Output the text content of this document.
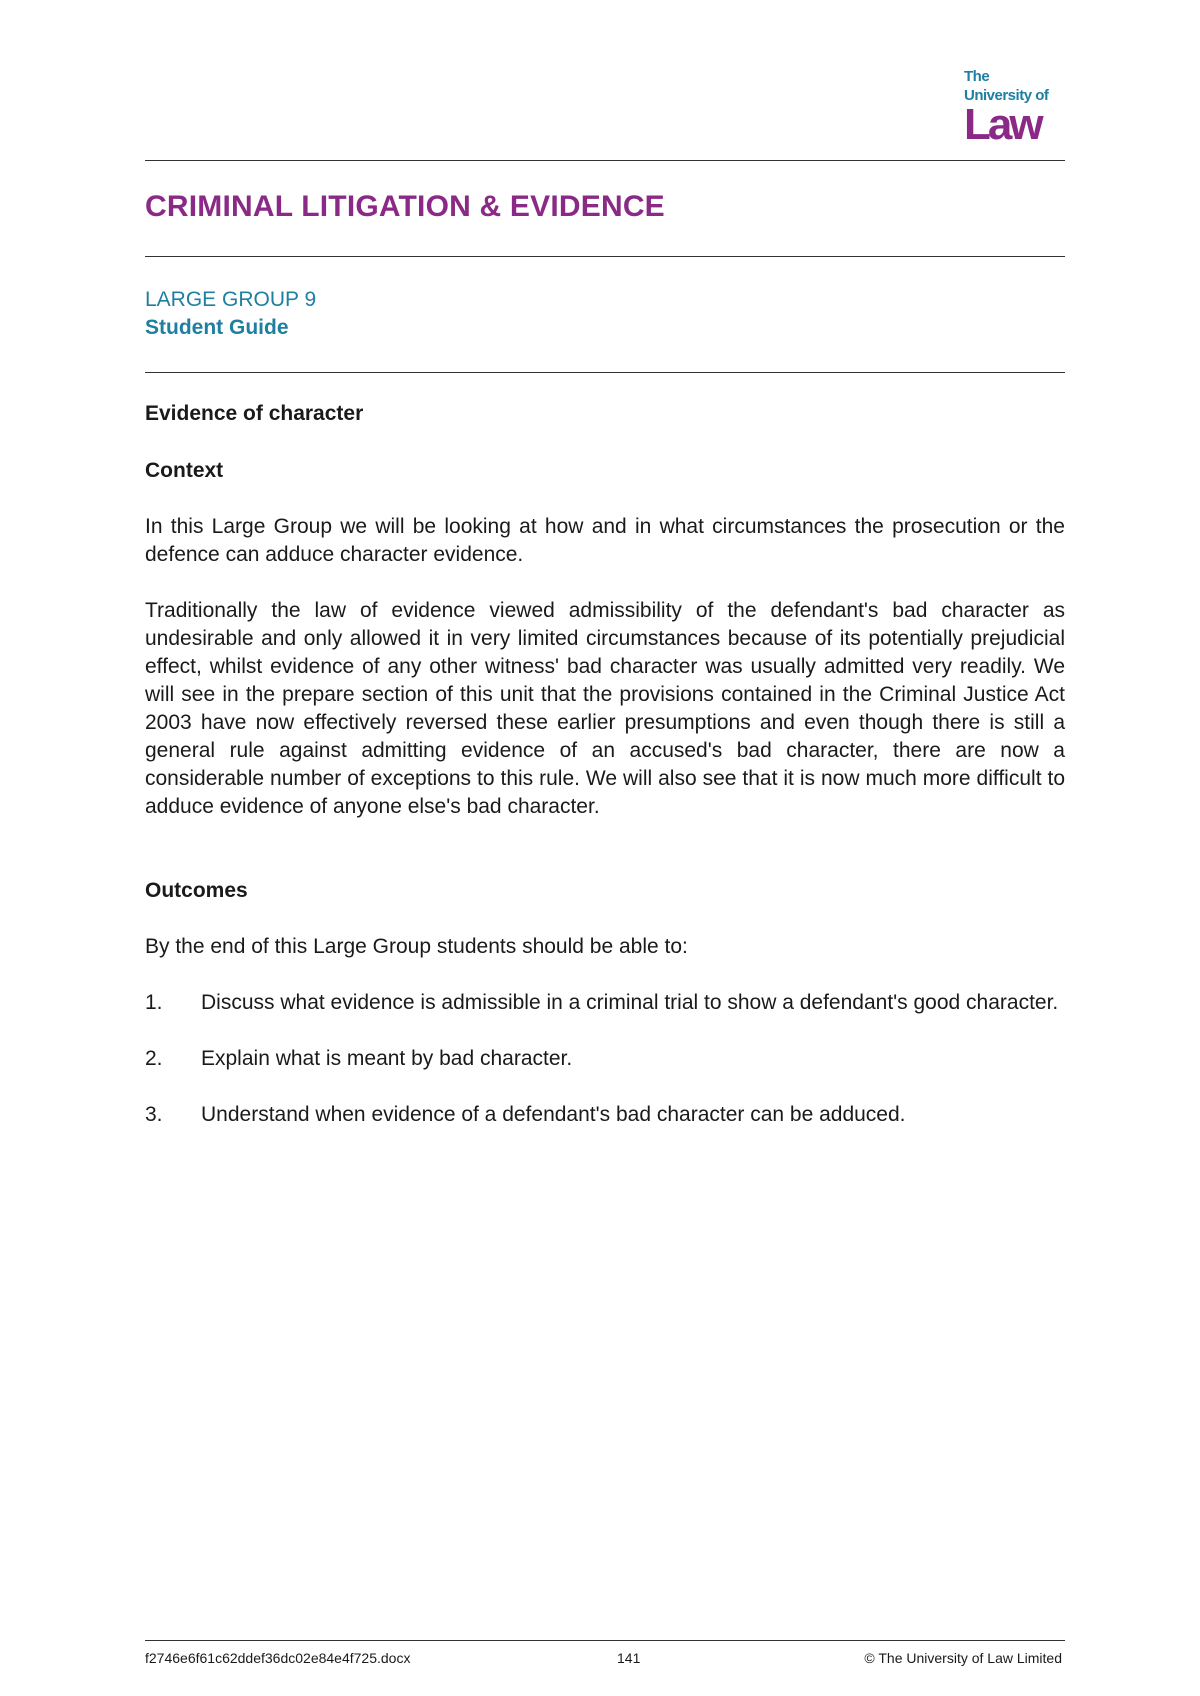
The
University of
Law
CRIMINAL LITIGATION & EVIDENCE
LARGE GROUP 9
Student Guide
Evidence of character
Context

In this Large Group we will be looking at how and in what circumstances the prosecution or the defence can adduce character evidence.

Traditionally the law of evidence viewed admissibility of the defendant's bad character as undesirable and only allowed it in very limited circumstances because of its potentially prejudicial effect, whilst evidence of any other witness' bad character was usually admitted very readily. We will see in the prepare section of this unit that the provisions contained in the Criminal Justice Act 2003 have now effectively reversed these earlier presumptions and even though there is still a general rule against admitting evidence of an accused's bad character, there are now a considerable number of exceptions to this rule. We will also see that it is now much more difficult to adduce evidence of anyone else's bad character.

Outcomes

By the end of this Large Group students should be able to:

1.	Discuss what evidence is admissible in a criminal trial to show a defendant's good character.
2.	Explain what is meant by bad character.
3.	Understand when evidence of a defendant's bad character can be adduced.
f2746e6f61c62ddef36dc02e84e4f725.docx	141	© The University of Law Limited
